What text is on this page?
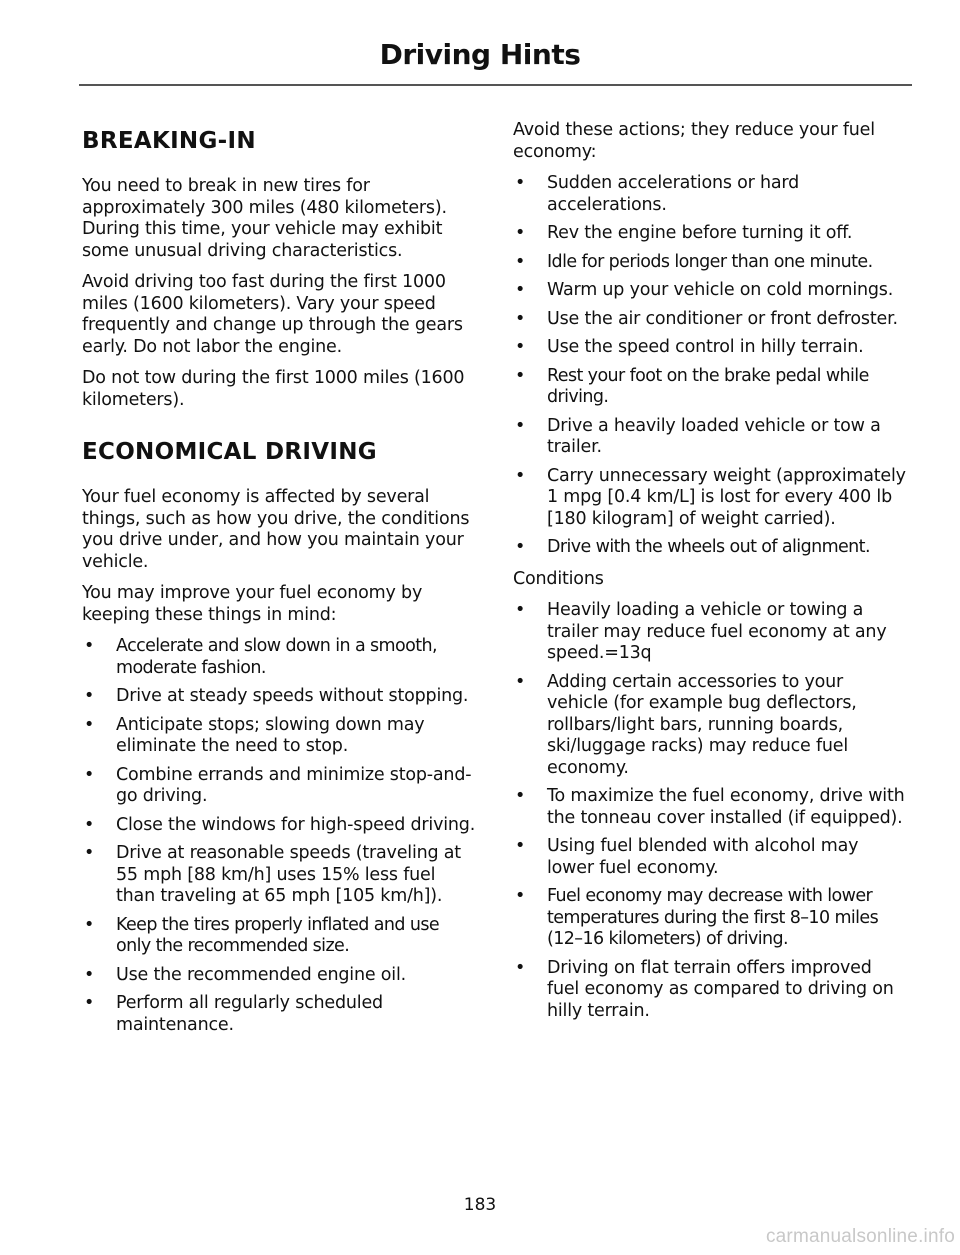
Driving Hints
BREAKING-IN

You need to break in new tires for approximately 300 miles (480 kilometers). During this time, your vehicle may exhibit some unusual driving characteristics.

Avoid driving too fast during the first 1000 miles (1600 kilometers). Vary your speed frequently and change up through the gears early. Do not labor the engine.

Do not tow during the first 1000 miles (1600 kilometers).

ECONOMICAL DRIVING

Your fuel economy is affected by several things, such as how you drive, the conditions you drive under, and how you maintain your vehicle.

You may improve your fuel economy by keeping these things in mind:

• Accelerate and slow down in a smooth, moderate fashion.
• Drive at steady speeds without stopping.
• Anticipate stops; slowing down may eliminate the need to stop.
• Combine errands and minimize stop-and-go driving.
• Close the windows for high-speed driving.
• Drive at reasonable speeds (traveling at 55 mph [88 km/h] uses 15% less fuel than traveling at 65 mph [105 km/h]).
• Keep the tires properly inflated and use only the recommended size.
• Use the recommended engine oil.
• Perform all regularly scheduled maintenance.

Avoid these actions; they reduce your fuel economy:

• Sudden accelerations or hard accelerations.
• Rev the engine before turning it off.
• Idle for periods longer than one minute.
• Warm up your vehicle on cold mornings.
• Use the air conditioner or front defroster.
• Use the speed control in hilly terrain.
• Rest your foot on the brake pedal while driving.
• Drive a heavily loaded vehicle or tow a trailer.
• Carry unnecessary weight (approximately 1 mpg [0.4 km/L] is lost for every 400 lb [180 kilogram] of weight carried).
• Drive with the wheels out of alignment.

Conditions

• Heavily loading a vehicle or towing a trailer may reduce fuel economy at any speed.=13q
• Adding certain accessories to your vehicle (for example bug deflectors, rollbars/light bars, running boards, ski/luggage racks) may reduce fuel economy.
• To maximize the fuel economy, drive with the tonneau cover installed (if equipped).
• Using fuel blended with alcohol may lower fuel economy.
• Fuel economy may decrease with lower temperatures during the first 8–10 miles (12–16 kilometers) of driving.
• Driving on flat terrain offers improved fuel economy as compared to driving on hilly terrain.
183
carmanualsonline.info
